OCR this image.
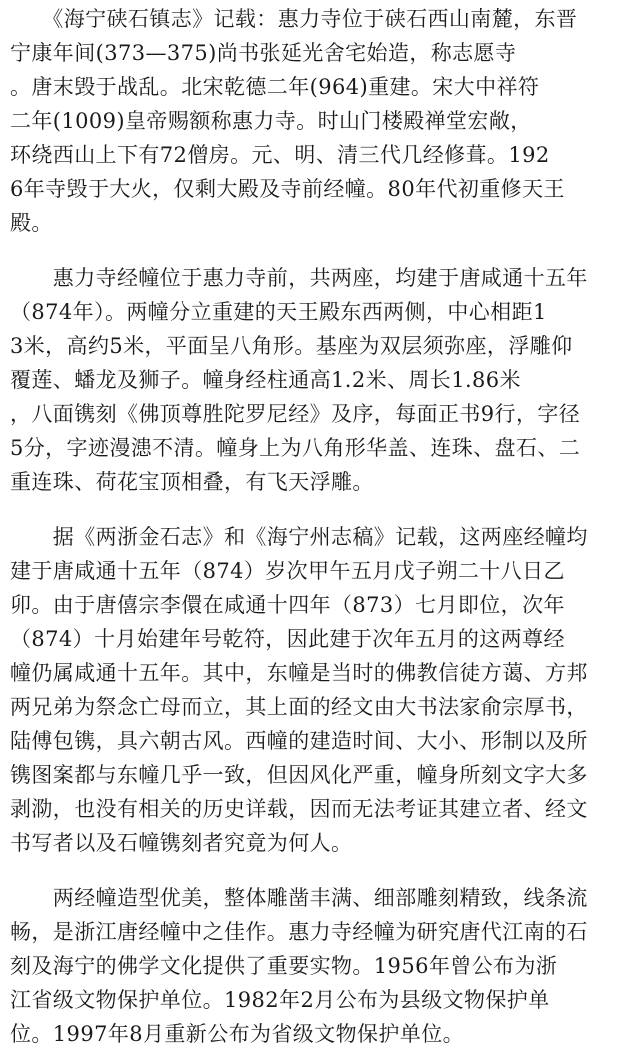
　　《海宁硖石镇志》记载：惠力寺位于硖石西山南麓，东晋
宁康年间(373—375)尚书张延光舍宅始造，称志愿寺
。唐末毁于战乱。北宋乾德二年(964)重建。宋大中祥符
二年(1009)皇帝赐额称惠力寺。时山门楼殿禅堂宏敞，
环绕西山上下有72僧房。元、明、清三代几经修葺。192
6年寺毁于大火，仅剩大殿及寺前经幢。80年代初重修天王
殿。
　　惠力寺经幢位于惠力寺前，共两座，均建于唐咸通十五年
（874年）。两幢分立重建的天王殿东西两侧，中心相距1
3米，高约5米，平面呈八角形。基座为双层须弥座，浮雕仰
覆莲、蟠龙及狮子。幢身经柱通高1.2米、周长1.86米
，八面镌刻《佛顶尊胜陀罗尼经》及序，每面正书9行，字径
5分，字迹漫漶不清。幢身上为八角形华盖、连珠、盘石、二
重连珠、荷花宝顶相叠，有飞天浮雕。
　　据《两浙金石志》和《海宁州志稿》记载，这两座经幢均
建于唐咸通十五年（874）岁次甲午五月戊子朔二十八日乙
卯。由于唐僖宗李儇在咸通十四年（873）七月即位，次年
（874）十月始建年号乾符，因此建于次年五月的这两尊经
幢仍属咸通十五年。其中，东幢是当时的佛教信徒方蔼、方邦
两兄弟为祭念亡母而立，其上面的经文由大书法家俞宗厚书，
陆傅包镌，具六朝古风。西幢的建造时间、大小、形制以及所
镌图案都与东幢几乎一致，但因风化严重，幢身所刻文字大多
剥泐，也没有相关的历史详载，因而无法考证其建立者、经文
书写者以及石幢镌刻者究竟为何人。
　　两经幢造型优美，整体雕凿丰满、细部雕刻精致，线条流
畅，是浙江唐经幢中之佳作。惠力寺经幢为研究唐代江南的石
刻及海宁的佛学文化提供了重要实物。1956年曾公布为浙
江省级文物保护单位。1982年2月公布为县级文物保护单
位。1997年8月重新公布为省级文物保护单位。
